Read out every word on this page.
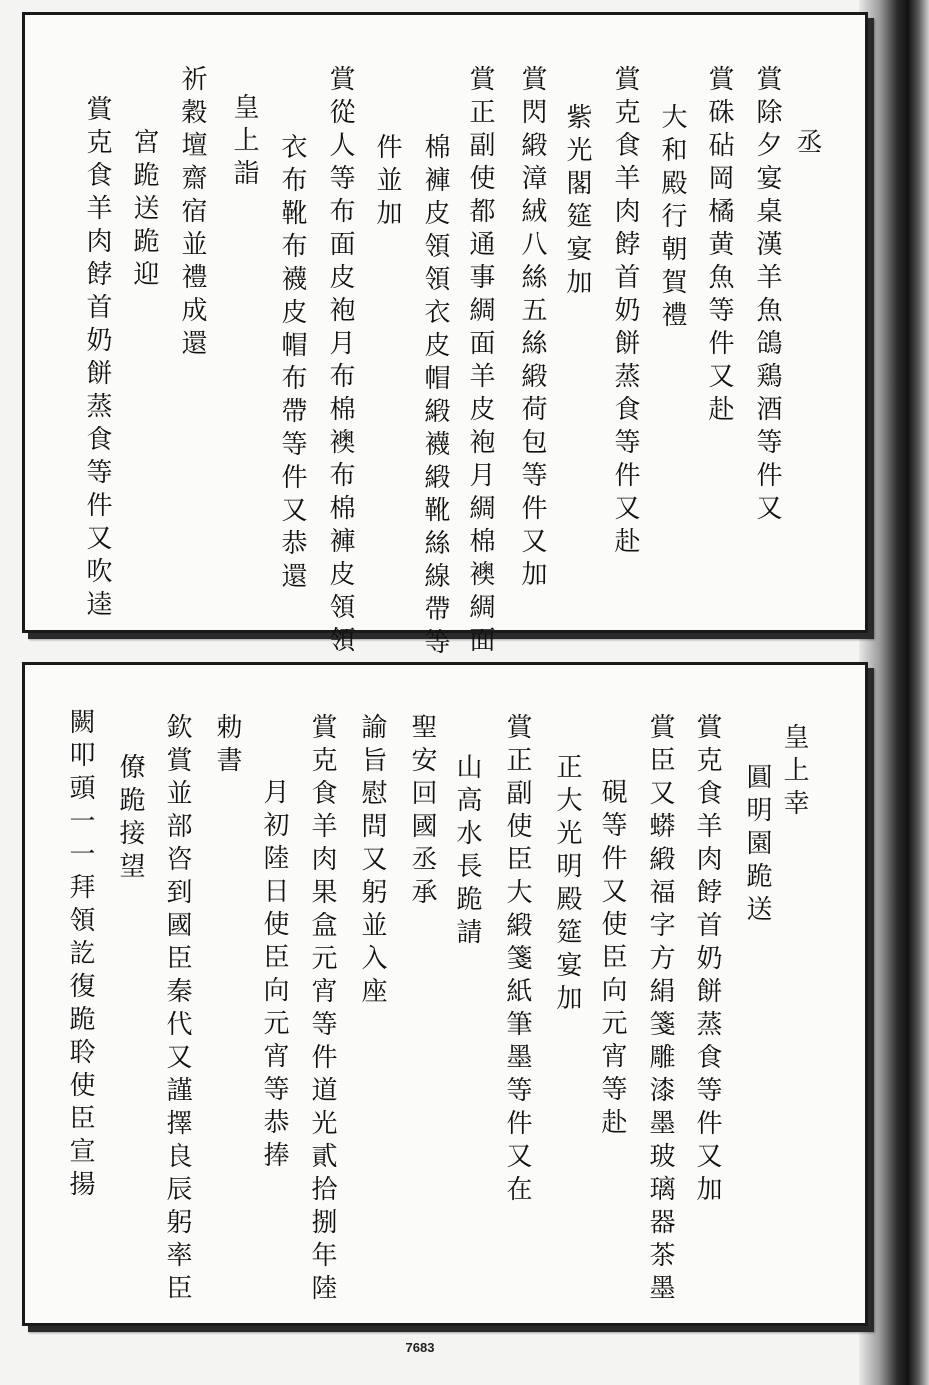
丞
賞除夕宴桌漢羊魚鴿鶏酒等件又
賞硃砧岡橘黄魚等件又赴
大和殿行朝賀禮
賞克食羊肉餑首奶餅蒸食等件又赴
紫光閣筵宴加
賞閃緞漳絨八絲五絲緞荷包等件又加
賞正副使都通事綢面羊皮袍月綢棉襖綢面
棉褲皮領領衣皮帽緞襪緞靴絲線帶等
件並加
賞從人等布面皮袍月布棉襖布棉褲皮領領
衣布靴布襪皮帽布帶等件又恭還
皇上詣
祈穀壇齋宿並禮成還
宮跪送跪迎
賞克食羊肉餑首奶餅蒸食等件又吹逵
皇上幸
圓明園跪送
賞克食羊肉餑首奶餅蒸食等件又加
賞臣又蟒緞福字方絹箋雕漆墨玻璃器茶墨
硯等件又使臣向元宵等赴
正大光明殿筵宴加
賞正副使臣大緞箋紙筆墨等件又在
山高水長跪請
聖安回國丞承
諭旨慰問又躬並入座
賞克食羊肉果盒元宵等件道光貳拾捌年陸
月初陸日使臣向元宵等恭捧
勅書
欽賞並部咨到國臣秦代又謹擇良辰躬率臣
僚跪接望
闕叩頭一一拜領訖復跪聆使臣宣揚
7683
